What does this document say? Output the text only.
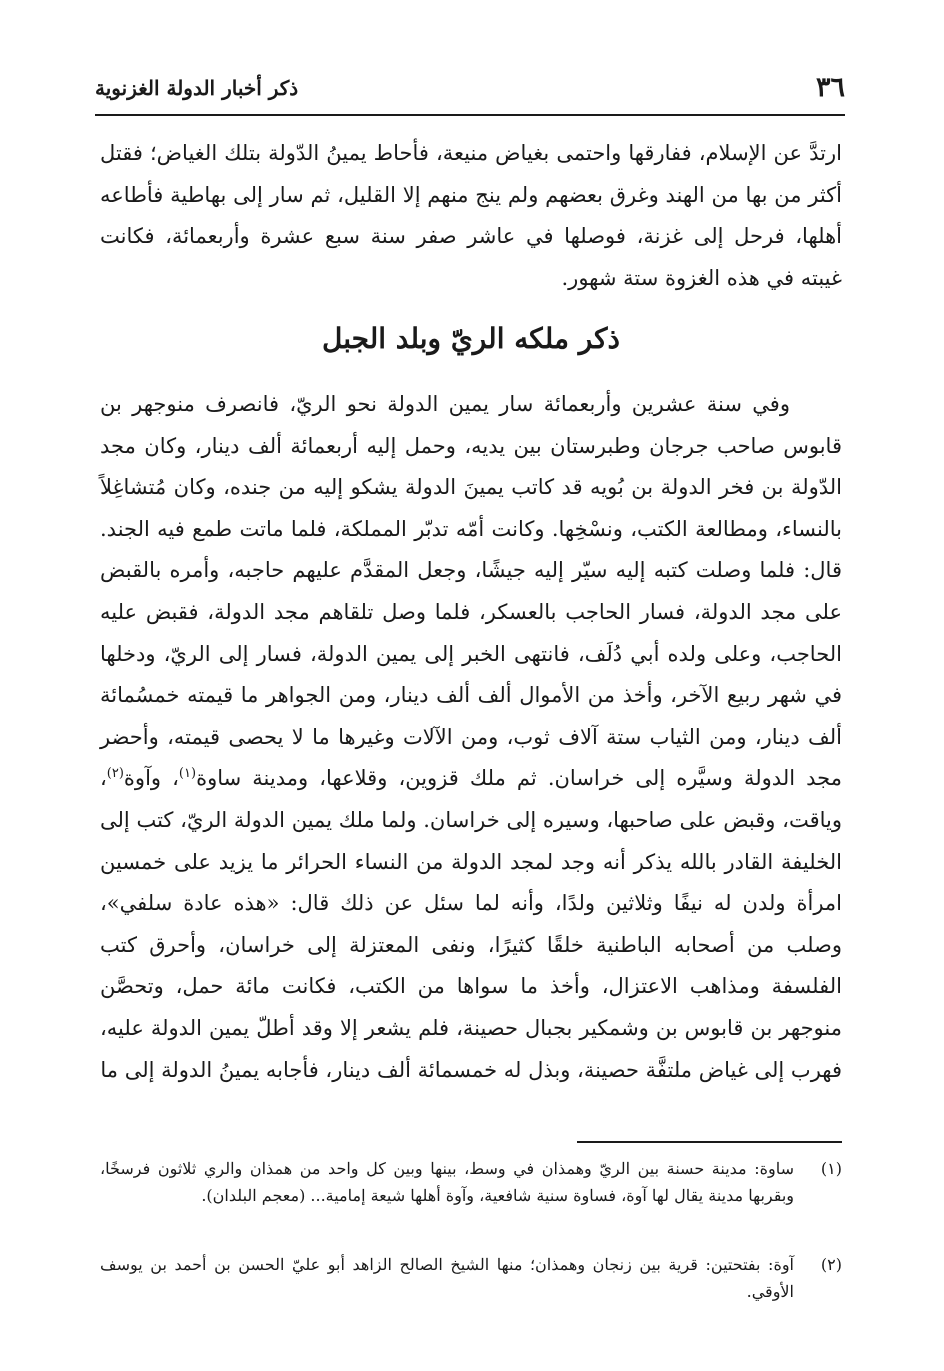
٣٦
ذكر أخبار الدولة الغزنوية

ارتدَّ عن الإسلام، ففارقها واحتمى بغياض منيعة، فأحاط يمينُ الدّولة بتلك الغياض؛ فقتل أكثر من بها من الهند وغرق بعضهم ولم ينج منهم إلا القليل، ثم سار إلى بهاطية فأطاعه أهلها، فرحل إلى غزنة، فوصلها في عاشر صفر سنة سبع عشرة وأربعمائة، فكانت غيبته في هذه الغزوة ستة شهور.

ذكر ملكه الريّ وبلد الجبل

وفي سنة عشرين وأربعمائة سار يمين الدولة نحو الريّ، فانصرف منوجهر بن قابوس صاحب جرجان وطبرستان بين يديه، وحمل إليه أربعمائة ألف دينار، وكان مجد الدّولة بن فخر الدولة بن بُويه قد كاتب يمينَ الدولة يشكو إليه من جنده، وكان مُتشاغِلاً بالنساء، ومطالعة الكتب، ونسْخِها. وكانت أمّه تدبّر المملكة، فلما ماتت طمع فيه الجند. قال: فلما وصلت كتبه إليه سيّر إليه جيشًا، وجعل المقدَّم عليهم حاجبه، وأمره بالقبض على مجد الدولة، فسار الحاجب بالعسكر، فلما وصل تلقاهم مجد الدولة، فقبض عليه الحاجب، وعلى ولده أبي دُلَف، فانتهى الخبر إلى يمين الدولة، فسار إلى الريّ، ودخلها في شهر ربيع الآخر، وأخذ من الأموال ألف ألف دينار، ومن الجواهر ما قيمته خمسُمائة ألف دينار، ومن الثياب ستة آلاف ثوب، ومن الآلات وغيرها ما لا يحصى قيمته، وأحضر مجد الدولة وسيَّره إلى خراسان. ثم ملك قزوين، وقلاعها، ومدينة ساوة$^{(١)}$، وآوة$^{(٢)}$، وياقت، وقبض على صاحبها، وسيره إلى خراسان. ولما ملك يمين الدولة الريّ، كتب إلى الخليفة القادر بالله يذكر أنه وجد لمجد الدولة من النساء الحرائر ما يزيد على خمسين امرأة ولدن له نيفًا وثلاثين ولدًا، وأنه لما سئل عن ذلك قال: «هذه عادة سلفي»، وصلب من أصحابه الباطنية خلقًا كثيرًا، ونفى المعتزلة إلى خراسان، وأحرق كتب الفلسفة ومذاهب الاعتزال، وأخذ ما سواها من الكتب، فكانت مائة حمل، وتحصَّن منوجهر بن قابوس بن وشمكير بجبال حصينة، فلم يشعر إلا وقد أطلّ يمين الدولة عليه، فهرب إلى غياض ملتفَّة حصينة، وبذل له خمسمائة ألف دينار، فأجابه يمينُ الدولة إلى ما

(١)
ساوة: مدينة حسنة بين الريّ وهمذان في وسط، بينها وبين كل واحد من همذان والري ثلاثون فرسخًا، وبقربها مدينة يقال لها آوة، فساوة سنية شافعية، وآوة أهلها شيعة إمامية... (معجم البلدان).
(٢)
آوة: بفتحتين: قرية بين زنجان وهمذان؛ منها الشيخ الصالح الزاهد أبو عليّ الحسن بن أحمد بن يوسف الأوقي.
